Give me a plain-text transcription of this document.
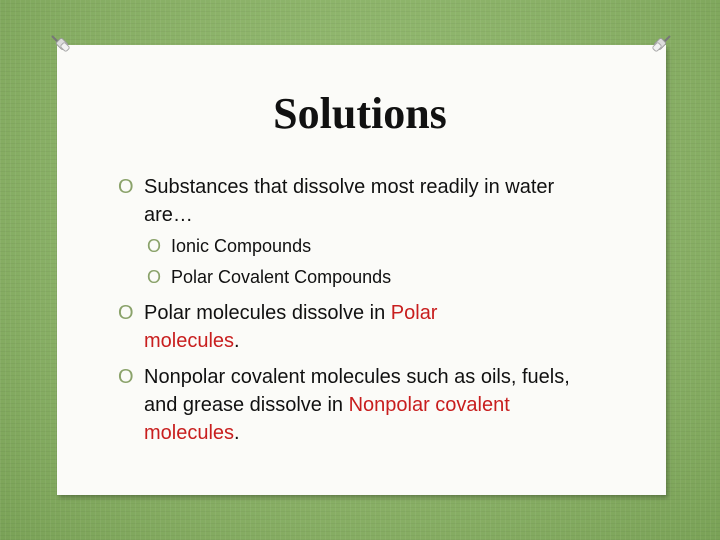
Solutions
O Substances that dissolve most readily in water are…
O Ionic Compounds
O Polar Covalent Compounds
O Polar molecules dissolve in Polar molecules.
O Nonpolar covalent molecules such as oils, fuels, and grease dissolve in Nonpolar covalent molecules.
